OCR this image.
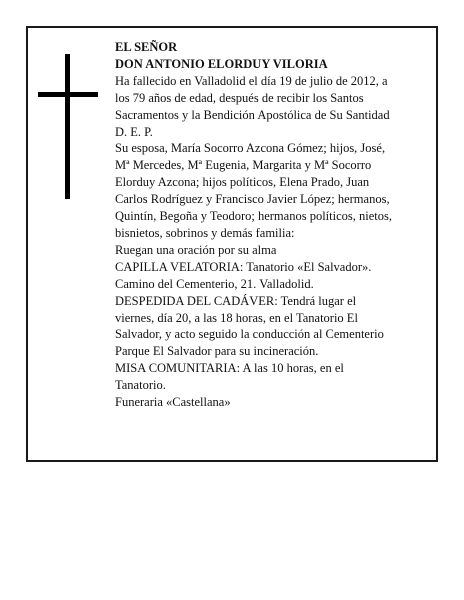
EL SEÑOR
DON ANTONIO ELORDUY VILORIA
Ha fallecido en Valladolid el día 19 de julio de 2012, a
los 79 años de edad, después de recibir los Santos
Sacramentos y la Bendición Apostólica de Su Santidad
D. E. P.
Su esposa, María Socorro Azcona Gómez; hijos, José,
Mª Mercedes, Mª Eugenia, Margarita y Mª Socorro
Elorduy Azcona; hijos políticos, Elena Prado, Juan
Carlos Rodríguez y Francisco Javier López; hermanos,
Quintín, Begoña y Teodoro; hermanos políticos, nietos,
bisnietos, sobrinos y demás familia:
Ruegan una oración por su alma
CAPILLA VELATORIA: Tanatorio «El Salvador».
Camino del Cementerio, 21. Valladolid.
DESPEDIDA DEL CADÁVER: Tendrá lugar el
viernes, día 20, a las 18 horas, en el Tanatorio El
Salvador, y acto seguido la conducción al Cementerio
Parque El Salvador para su incineración.
MISA COMUNITARIA: A las 10 horas, en el
Tanatorio.
Funeraria «Castellana»
